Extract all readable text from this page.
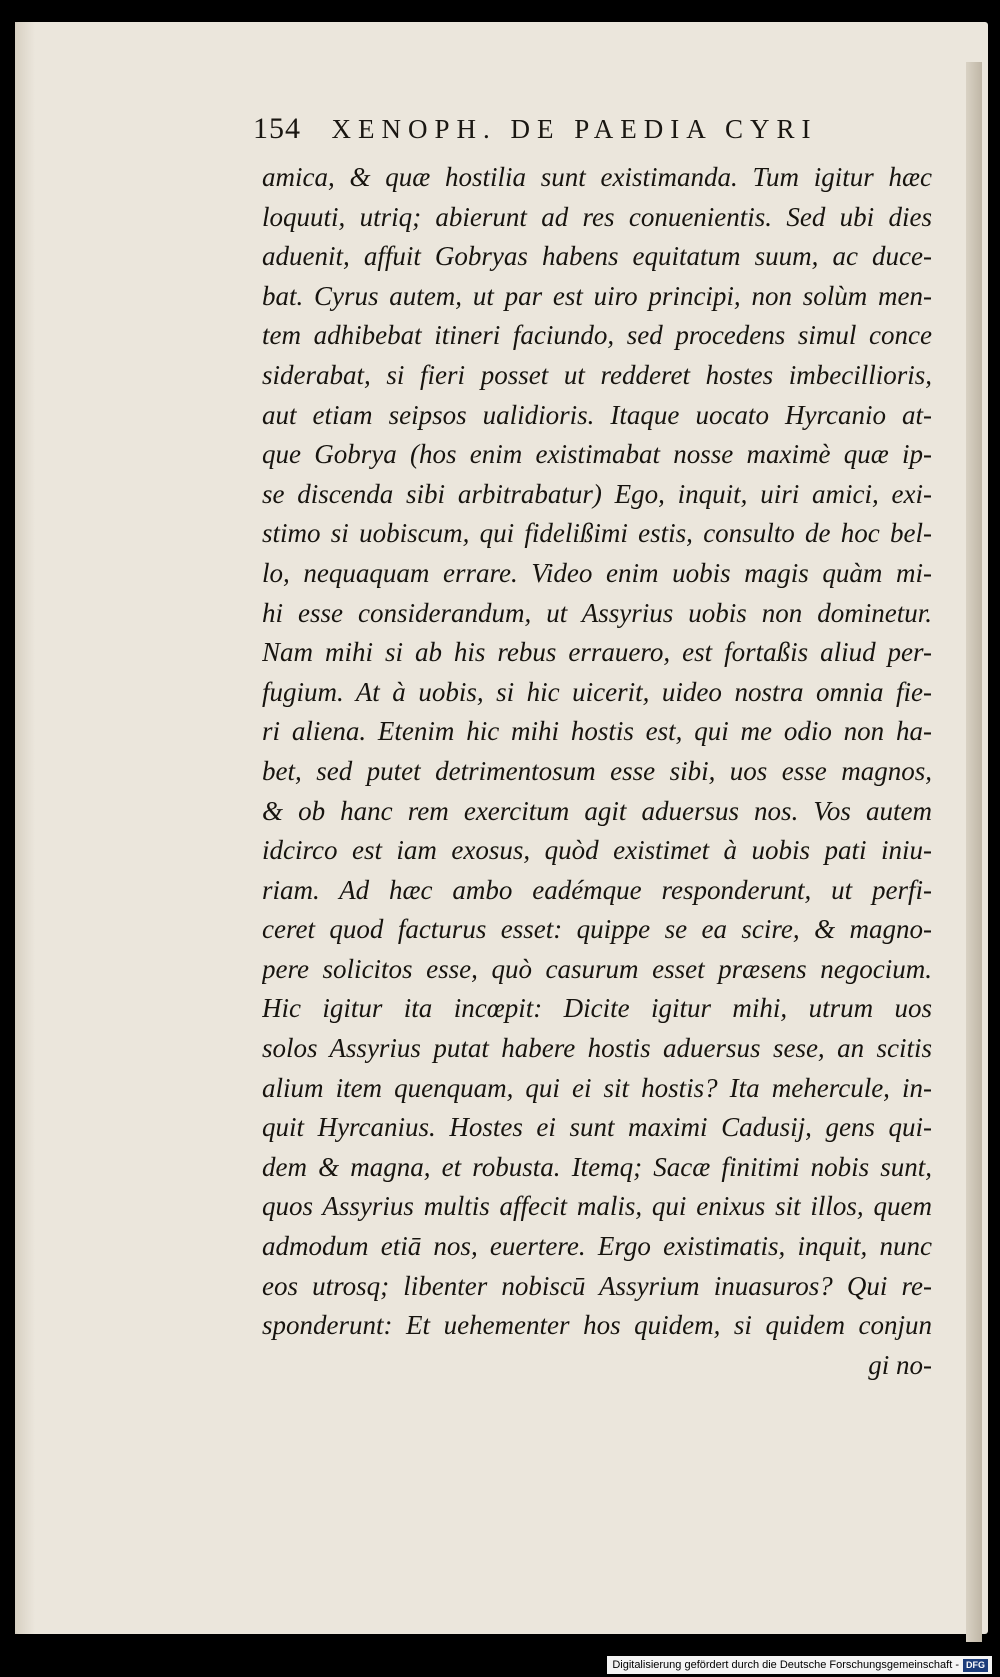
154 XENOPH. DE PAEDIA CYRI
amica, & quæ hostilia sunt existimanda. Tum igitur hæc
loquuti, utriq; abierunt ad res conuenientis. Sed ubi dies
aduenit, affuit Gobryas habens equitatum suum, ac duce-
bat. Cyrus autem, ut par est uiro principi, non solùm men-
tem adhibebat itineri faciundo, sed procedens simul conce
siderabat, si fieri posset ut redderet hostes imbecillioris,
aut etiam seipsos ualidioris. Itaque uocato Hyrcanio at-
que Gobrya (hos enim existimabat nosse maximè quæ ip-
se discenda sibi arbitrabatur) Ego, inquit, uiri amici, exi-
stimo si uobiscum, qui fidelißimi estis, consulto de hoc bel-
lo, nequaquam errare. Video enim uobis magis quàm mi-
hi esse considerandum, ut Assyrius uobis non dominetur.
Nam mihi si ab his rebus errauero, est fortaßis aliud per-
fugium. At à uobis, si hic uicerit, uideo nostra omnia fie-
ri aliena. Etenim hic mihi hostis est, qui me odio non ha-
bet, sed putet detrimentosum esse sibi, uos esse magnos,
& ob hanc rem exercitum agit aduersus nos. Vos autem
idcirco est iam exosus, quòd existimet à uobis pati iniu-
riam. Ad hæc ambo eadémque responderunt, ut perfi-
ceret quod facturus esset: quippe se ea scire, & magno-
pere solicitos esse, quò casurum esset præsens negocium.
Hic igitur ita incœpit: Dicite igitur mihi, utrum uos
solos Assyrius putat habere hostis aduersus sese, an scitis
alium item quenquam, qui ei sit hostis? Ita mehercule, in-
quit Hyrcanius. Hostes ei sunt maximi Cadusij, gens qui-
dem & magna, et robusta. Itemq; Sacæ finitimi nobis sunt,
quos Assyrius multis affecit malis, qui enixus sit illos, quem
admodum etiā nos, euertere. Ergo existimatis, inquit, nunc
eos utrosq; libenter nobiscū Assyrium inuasuros? Qui re-
sponderunt: Et uehementer hos quidem, si quidem conjun
gi no-
Digitalisierung gefördert durch die Deutsche Forschungsgemeinschaft - DFG
